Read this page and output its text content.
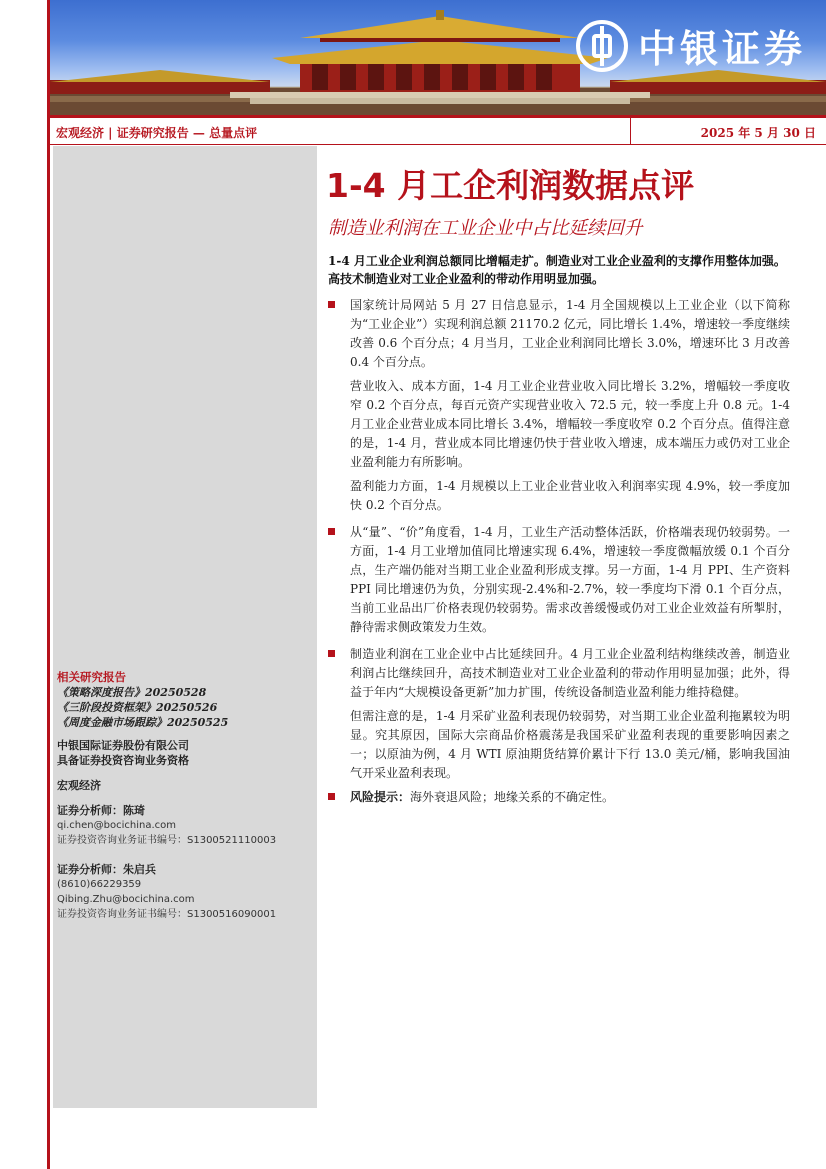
中银证券
宏观经济 | 证券研究报告 — 总量点评	2025 年 5 月 30 日
相关研究报告
《策略深度报告》20250528
《三阶段投资框架》20250526
《周度金融市场跟踪》20250525
中银国际证券股份有限公司
具备证券投资咨询业务资格
宏观经济
证券分析师：陈琦
qi.chen@bocichina.com
证券投资咨询业务证书编号：S1300521110003
证券分析师：朱启兵
(8610)66229359
Qibing.Zhu@bocichina.com
证券投资咨询业务证书编号：S1300516090001
1-4 月工企利润数据点评
制造业利润在工业企业中占比延续回升
1-4 月工业企业利润总额同比增幅走扩。制造业对工业企业盈利的支撑作用整体加强。高技术制造业对工业企业盈利的带动作用明显加强。
国家统计局网站 5 月 27 日信息显示，1-4 月全国规模以上工业企业（以下简称为“工业企业”）实现利润总额 21170.2 亿元，同比增长 1.4%，增速较一季度继续改善 0.6 个百分点；4 月当月，工业企业利润同比增长 3.0%，增速环比 3 月改善 0.4 个百分点。
营业收入、成本方面，1-4 月工业企业营业收入同比增长 3.2%，增幅较一季度收窄 0.2 个百分点，每百元资产实现营业收入 72.5 元，较一季度上升 0.8 元。1-4 月工业企业营业成本同比增长 3.4%，增幅较一季度收窄 0.2 个百分点。值得注意的是，1-4 月，营业成本同比增速仍快于营业收入增速，成本端压力或仍对工业企业盈利能力有所影响。
盈利能力方面，1-4 月规模以上工业企业营业收入利润率实现 4.9%，较一季度加快 0.2 个百分点。
从“量”、“价”角度看，1-4 月，工业生产活动整体活跃，价格端表现仍较弱势。一方面，1-4 月工业增加值同比增速实现 6.4%，增速较一季度微幅放缓 0.1 个百分点，生产端仍能对当期工业企业盈利形成支撑。另一方面，1-4 月 PPI、生产资料 PPI 同比增速仍为负，分别实现-2.4%和-2.7%，较一季度均下滑 0.1 个百分点，当前工业品出厂价格表现仍较弱势。需求改善缓慢或仍对工业企业效益有所掣肘，静待需求侧政策发力生效。
制造业利润在工业企业中占比延续回升。4 月工业企业盈利结构继续改善，制造业利润占比继续回升，高技术制造业对工业企业盈利的带动作用明显加强；此外，得益于年内“大规模设备更新”加力扩围，传统设备制造业盈利能力维持稳健。
但需注意的是，1-4 月采矿业盈利表现仍较弱势，对当期工业企业盈利拖累较为明显。究其原因，国际大宗商品价格震荡是我国采矿业盈利表现的重要影响因素之一；以原油为例，4 月 WTI 原油期货结算价累计下行 13.0 美元/桶，影响我国油气开采业盈利表现。
风险提示：海外衰退风险；地缘关系的不确定性。
